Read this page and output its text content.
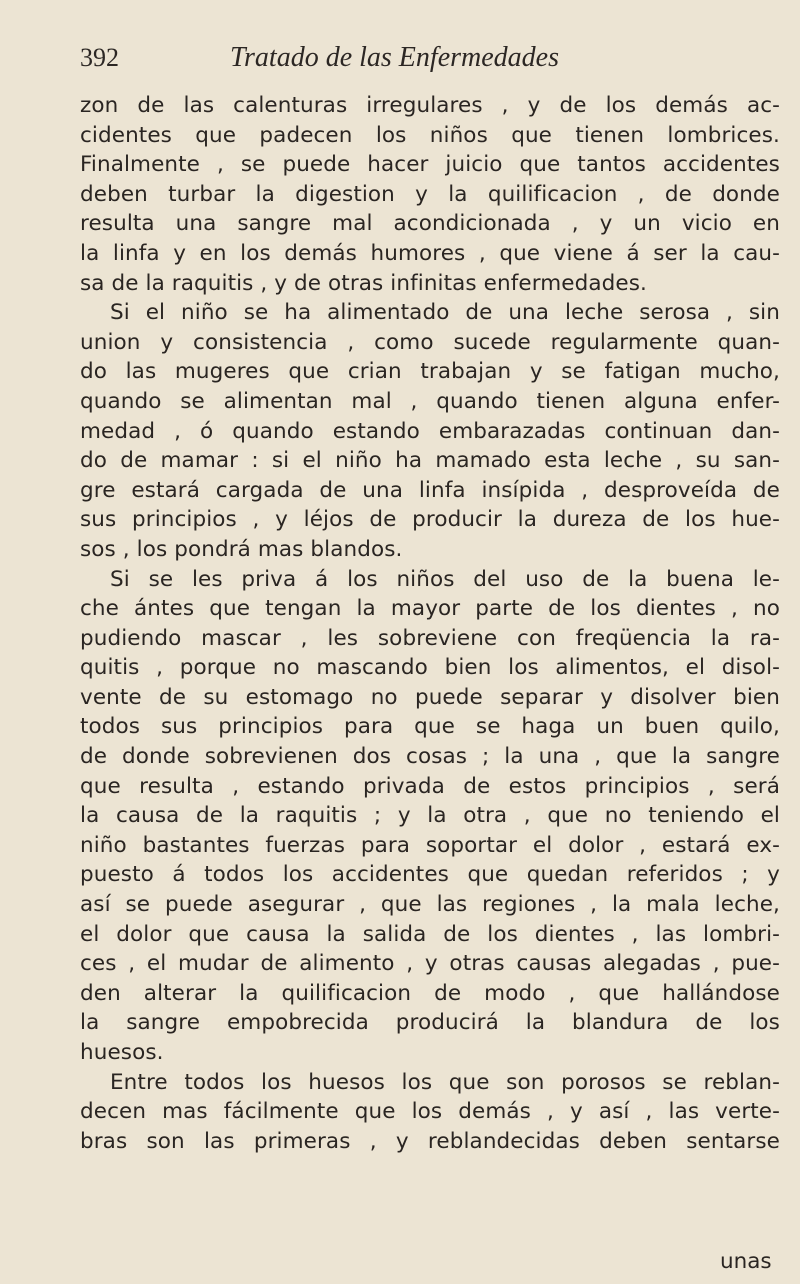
392	Tratado de las Enfermedades
zon de las calenturas irregulares , y de los demás ac-
cidentes que padecen los niños que tienen lombrices.
Finalmente , se puede hacer juicio que tantos accidentes
deben turbar la digestion y la quilificacion , de donde
resulta una sangre mal acondicionada , y un vicio en
la linfa y en los demás humores , que viene á ser la cau-
sa de la raquitis , y de otras infinitas enfermedades.
Si el niño se ha alimentado de una leche serosa , sin
union y consistencia , como sucede regularmente quan-
do las mugeres que crian trabajan y se fatigan mucho,
quando se alimentan mal , quando tienen alguna enfer-
medad , ó quando estando embarazadas continuan dan-
do de mamar : si el niño ha mamado esta leche , su san-
gre estará cargada de una linfa insípida , desproveída de
sus principios , y léjos de producir la dureza de los hue-
sos , los pondrá mas blandos.
Si se les priva á los niños del uso de la buena le-
che ántes que tengan la mayor parte de los dientes , no
pudiendo mascar , les sobreviene con freqüencia la ra-
quitis , porque no mascando bien los alimentos, el disol-
vente de su estomago no puede separar y disolver bien
todos sus principios para que se haga un buen quilo,
de donde sobrevienen dos cosas ; la una , que la sangre
que resulta , estando privada de estos principios , será
la causa de la raquitis ; y la otra , que no teniendo el
niño bastantes fuerzas para soportar el dolor , estará ex-
puesto á todos los accidentes que quedan referidos ; y
así se puede asegurar , que las regiones , la mala leche,
el dolor que causa la salida de los dientes , las lombri-
ces , el mudar de alimento , y otras causas alegadas , pue-
den alterar la quilificacion de modo , que hallándose
la sangre empobrecida producirá la blandura de los
huesos.
Entre todos los huesos los que son porosos se reblan-
decen mas fácilmente que los demás , y así , las verte-
bras son las primeras , y reblandecidas deben sentarse
unas
